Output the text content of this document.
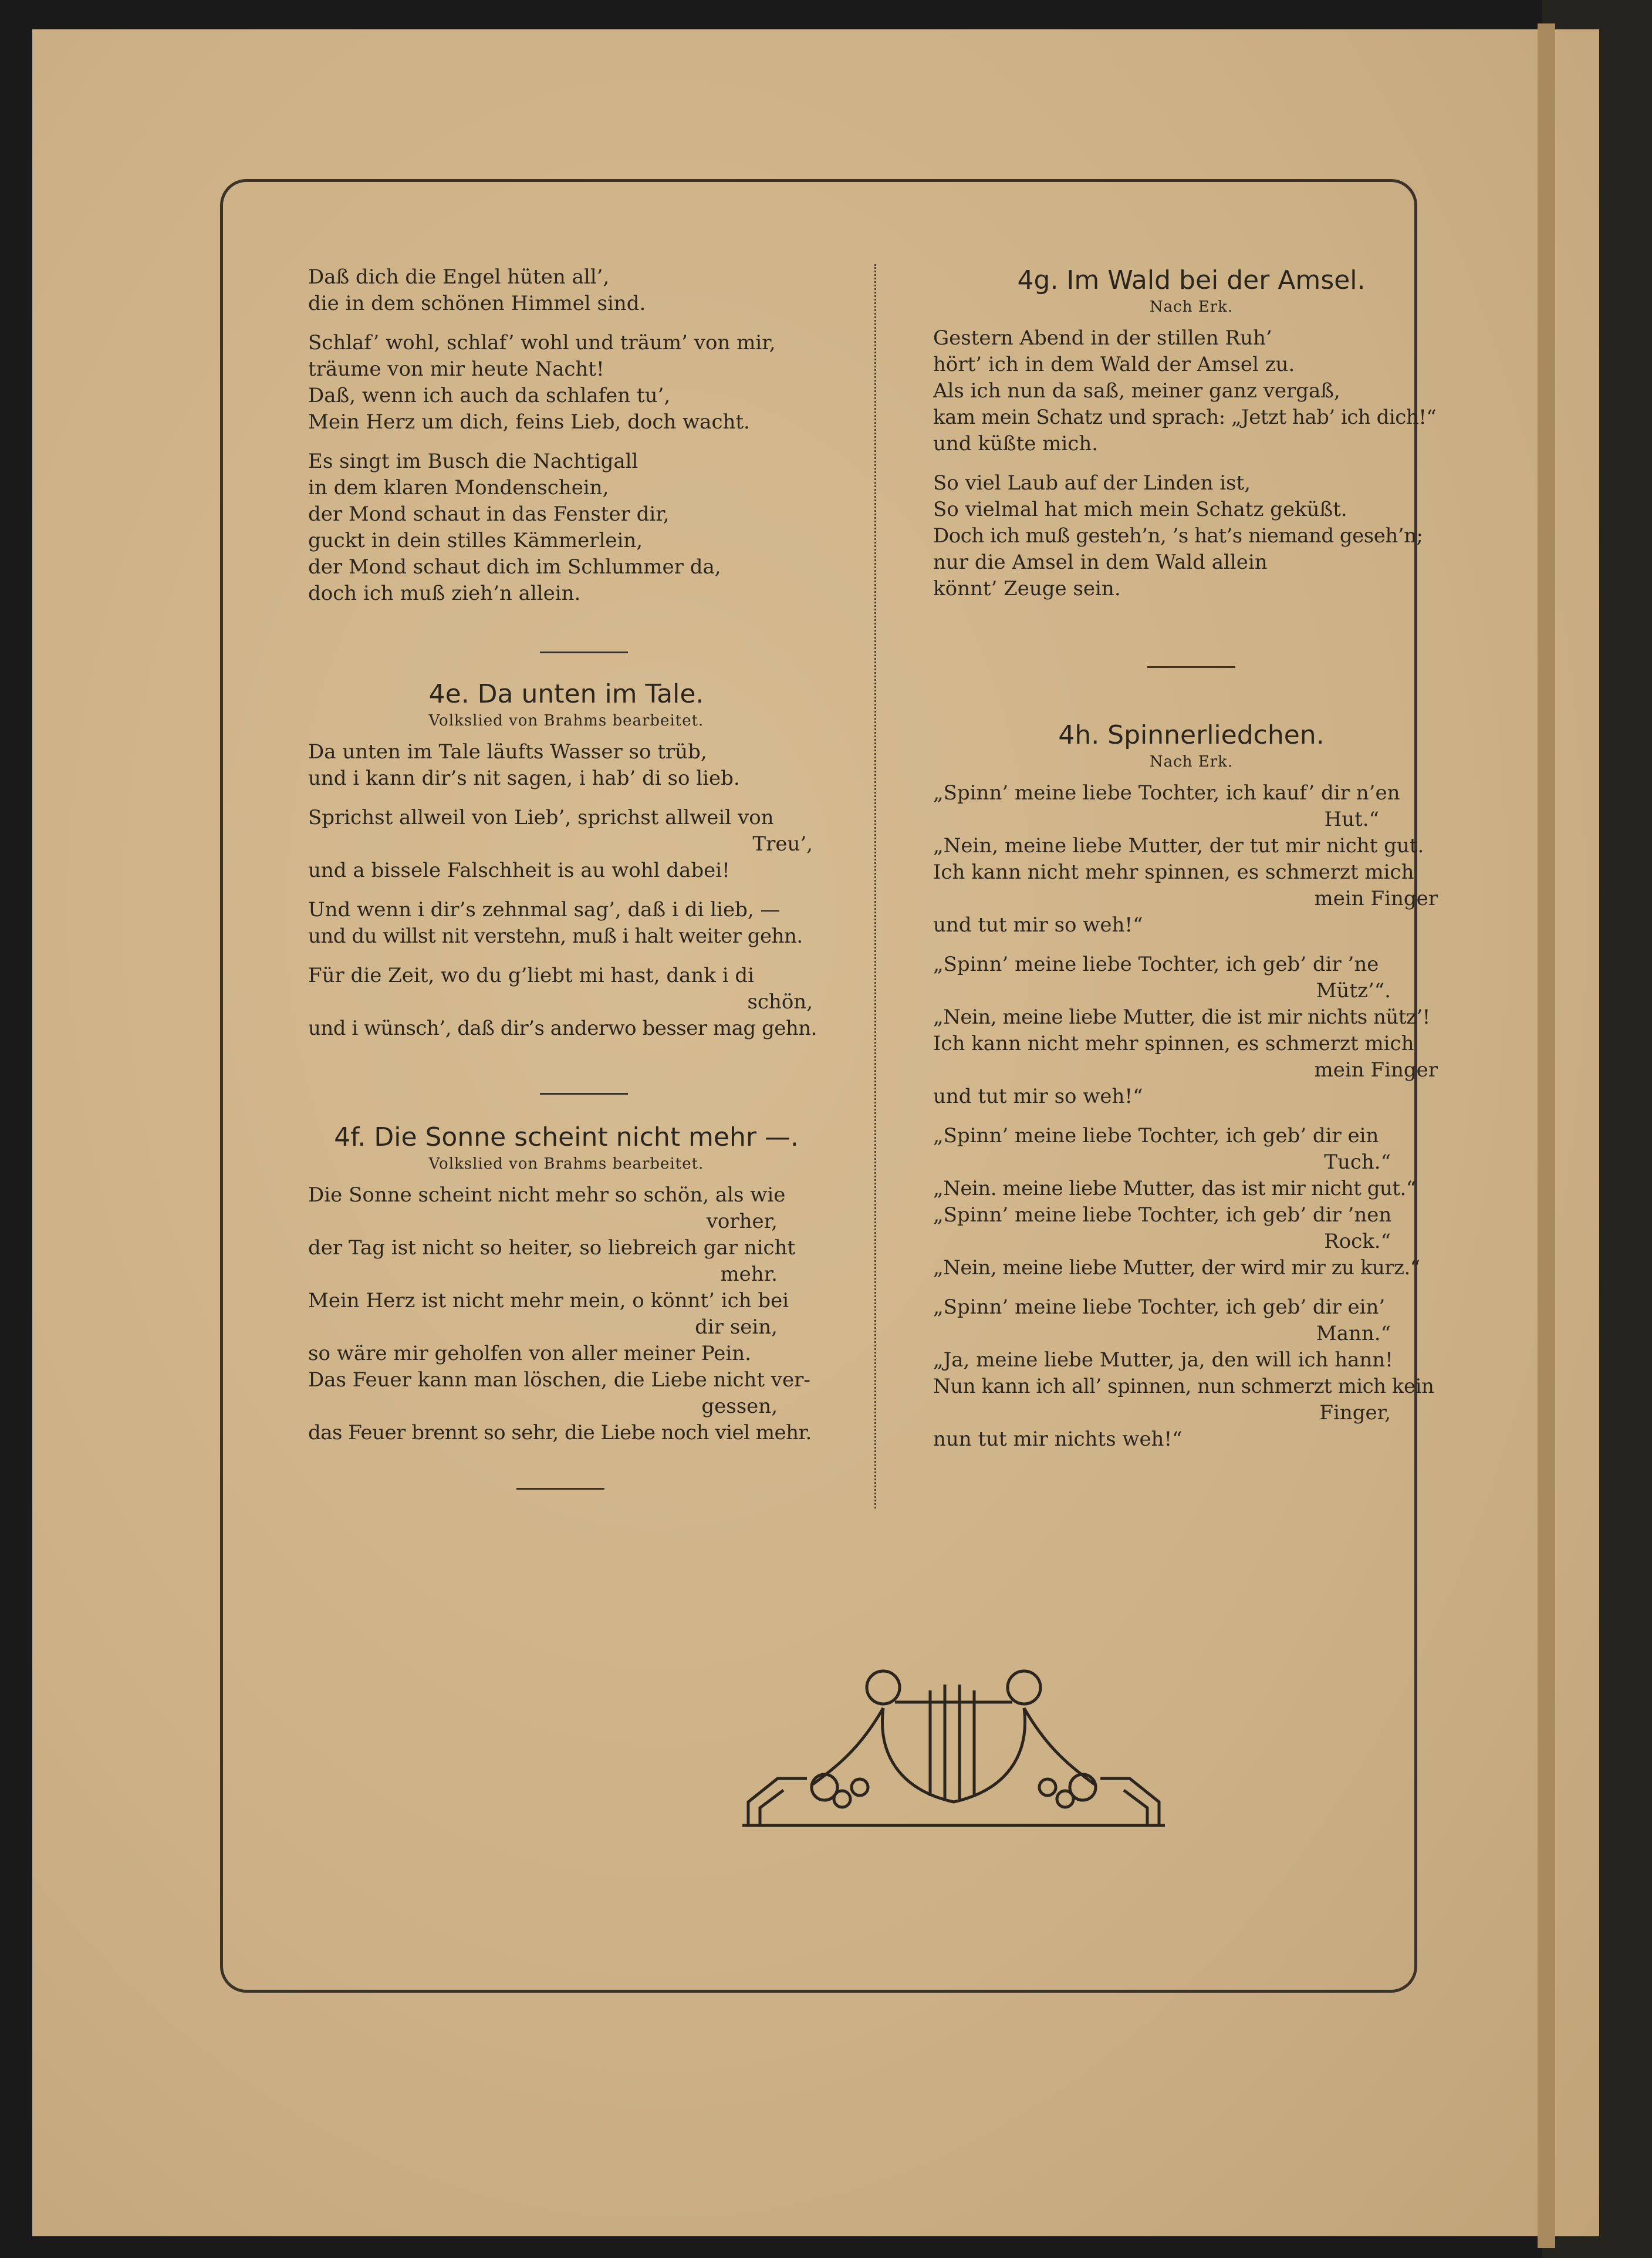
Daß dich die Engel hüten all’,
die in dem schönen Himmel sind.
Schlaf’ wohl, schlaf’ wohl und träum’ von mir,
träume von mir heute Nacht!
Daß, wenn ich auch da schlafen tu’,
Mein Herz um dich, feins Lieb, doch wacht.
Es singt im Busch die Nachtigall
in dem klaren Mondenschein,
der Mond schaut in das Fenster dir,
guckt in dein stilles Kämmerlein,
der Mond schaut dich im Schlummer da,
doch ich muß zieh’n allein.
4e. Da unten im Tale.
Volkslied von Brahms bearbeitet.
Da unten im Tale läufts Wasser so trüb,
und i kann dir’s nit sagen, i hab’ di so lieb.
Sprichst allweil von Lieb’, sprichst allweil von
Treu’,
und a bissele Falschheit is au wohl dabei!
Und wenn i dir’s zehnmal sag’, daß i di lieb, —
und du willst nit verstehn, muß i halt weiter gehn.
Für die Zeit, wo du g’liebt mi hast, dank i di
schön,
und i wünsch’, daß dir’s anderwo besser mag gehn.
4f. Die Sonne scheint nicht mehr —.
Volkslied von Brahms bearbeitet.
Die Sonne scheint nicht mehr so schön, als wie
vorher,
der Tag ist nicht so heiter, so liebreich gar nicht
mehr.
Mein Herz ist nicht mehr mein, o könnt’ ich bei
dir sein,
so wäre mir geholfen von aller meiner Pein.
Das Feuer kann man löschen, die Liebe nicht ver-
gessen,
das Feuer brennt so sehr, die Liebe noch viel mehr.
4g. Im Wald bei der Amsel.
Nach Erk.
Gestern Abend in der stillen Ruh’
hört’ ich in dem Wald der Amsel zu.
Als ich nun da saß, meiner ganz vergaß,
kam mein Schatz und sprach: „Jetzt hab’ ich dich!“
und küßte mich.
So viel Laub auf der Linden ist,
So vielmal hat mich mein Schatz geküßt.
Doch ich muß gesteh’n, ’s hat’s niemand geseh’n;
nur die Amsel in dem Wald allein
könnt’ Zeuge sein.
4h. Spinnerliedchen.
Nach Erk.
„Spinn’ meine liebe Tochter, ich kauf’ dir n’en
Hut.“
„Nein, meine liebe Mutter, der tut mir nicht gut.
Ich kann nicht mehr spinnen, es schmerzt mich
mein Finger
und tut mir so weh!“
„Spinn’ meine liebe Tochter, ich geb’ dir ’ne
Mütz’“.
„Nein, meine liebe Mutter, die ist mir nichts nütz’!
Ich kann nicht mehr spinnen, es schmerzt mich
mein Finger
und tut mir so weh!“
„Spinn’ meine liebe Tochter, ich geb’ dir ein
Tuch.“
„Nein. meine liebe Mutter, das ist mir nicht gut.“
„Spinn’ meine liebe Tochter, ich geb’ dir ’nen
Rock.“
„Nein, meine liebe Mutter, der wird mir zu kurz.“
„Spinn’ meine liebe Tochter, ich geb’ dir ein’
Mann.“
„Ja, meine liebe Mutter, ja, den will ich hann!
Nun kann ich all’ spinnen, nun schmerzt mich kein
Finger,
nun tut mir nichts weh!“
